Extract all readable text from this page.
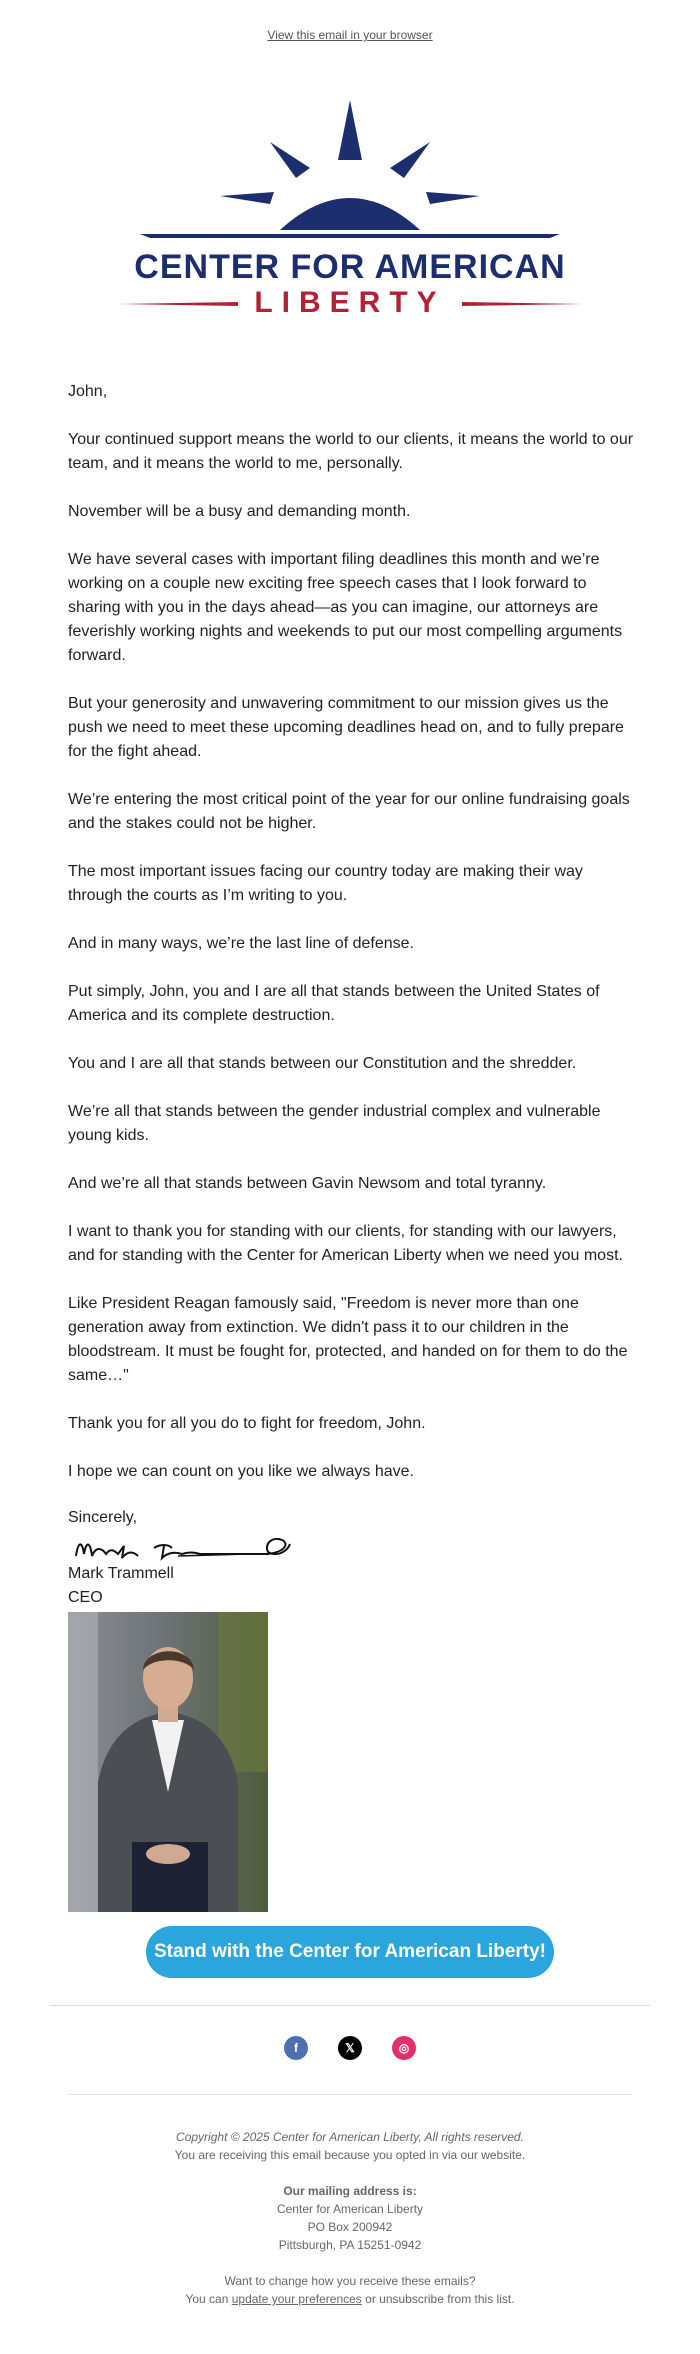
View this email in your browser
CENTER FOR AMERICAN
LIBERTY

John,

Your continued support means the world to our clients, it means the world to our team, and it means the world to me, personally.

November will be a busy and demanding month.

We have several cases with important filing deadlines this month and we’re working on a couple new exciting free speech cases that I look forward to sharing with you in the days ahead—as you can imagine, our attorneys are feverishly working nights and weekends to put our most compelling arguments forward.

But your generosity and unwavering commitment to our mission gives us the push we need to meet these upcoming deadlines head on, and to fully prepare for the fight ahead.

We’re entering the most critical point of the year for our online fundraising goals and the stakes could not be higher.

The most important issues facing our country today are making their way through the courts as I’m writing to you.

And in many ways, we’re the last line of defense.

Put simply, John, you and I are all that stands between the United States of America and its complete destruction.

You and I are all that stands between our Constitution and the shredder.

We’re all that stands between the gender industrial complex and vulnerable young kids.

And we’re all that stands between Gavin Newsom and total tyranny.

I want to thank you for standing with our clients, for standing with our lawyers, and for standing with the Center for American Liberty when we need you most.

Like President Reagan famously said, "Freedom is never more than one generation away from extinction. We didn't pass it to our children in the bloodstream. It must be fought for, protected, and handed on for them to do the same…"

Thank you for all you do to fight for freedom, John.

I hope we can count on you like we always have.

Sincerely,
Mark Trammell
CEO
Stand with the Center for American Liberty!
f	𝕏	◎
Copyright © 2025 Center for American Liberty, All rights reserved.
You are receiving this email because you opted in via our website.
Our mailing address is:
Center for American Liberty
PO Box 200942
Pittsburgh, PA 15251-0942
Want to change how you receive these emails?
You can update your preferences or unsubscribe from this list.
